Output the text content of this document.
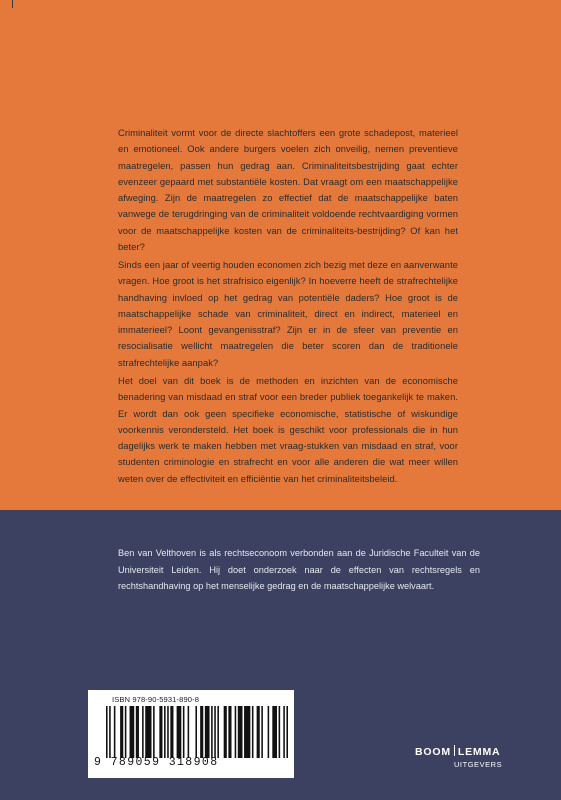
Criminaliteit vormt voor de directe slachtoffers een grote schadepost, materieel en emotioneel. Ook andere burgers voelen zich onveilig, nemen preventieve maatregelen, passen hun gedrag aan. Criminaliteitsbestrijding gaat echter evenzeer gepaard met substantiële kosten. Dat vraagt om een maatschappelijke afweging. Zijn de maatregelen zo effectief dat de maatschappelijke baten vanwege de terugdringing van de criminaliteit voldoende rechtvaardiging vormen voor de maatschappelijke kosten van de criminaliteits-bestrijding? Of kan het beter?

Sinds een jaar of veertig houden economen zich bezig met deze en aanverwante vragen. Hoe groot is het strafrisico eigenlijk? In hoeverre heeft de strafrechtelijke handhaving invloed op het gedrag van potentiële daders? Hoe groot is de maatschappelijke schade van criminaliteit, direct en indirect, materieel en immaterieel? Loont gevangenisstraf? Zijn er in de sfeer van preventie en resocialisatie wellicht maatregelen die beter scoren dan de traditionele strafrechtelijke aanpak?

Het doel van dit boek is de methoden en inzichten van de economische benadering van misdaad en straf voor een breder publiek toegankelijk te maken. Er wordt dan ook geen specifieke economische, statistische of wiskundige voorkennis verondersteld. Het boek is geschikt voor professionals die in hun dagelijks werk te maken hebben met vraag-stukken van misdaad en straf, voor studenten criminologie en strafrecht en voor alle anderen die wat meer willen weten over de effectiviteit en efficiëntie van het criminaliteitsbeleid.

Ben van Velthoven is als rechtseconoom verbonden aan de Juridische Faculteit van de Universiteit Leiden. Hij doet onderzoek naar de effecten van rechtsregels en rechtshandhaving op het menselijke gedrag en de maatschappelijke welvaart.

ISBN 978-90-5931-890-8
9 789059 318908
BOOM LEMMA
UITGEVERS
